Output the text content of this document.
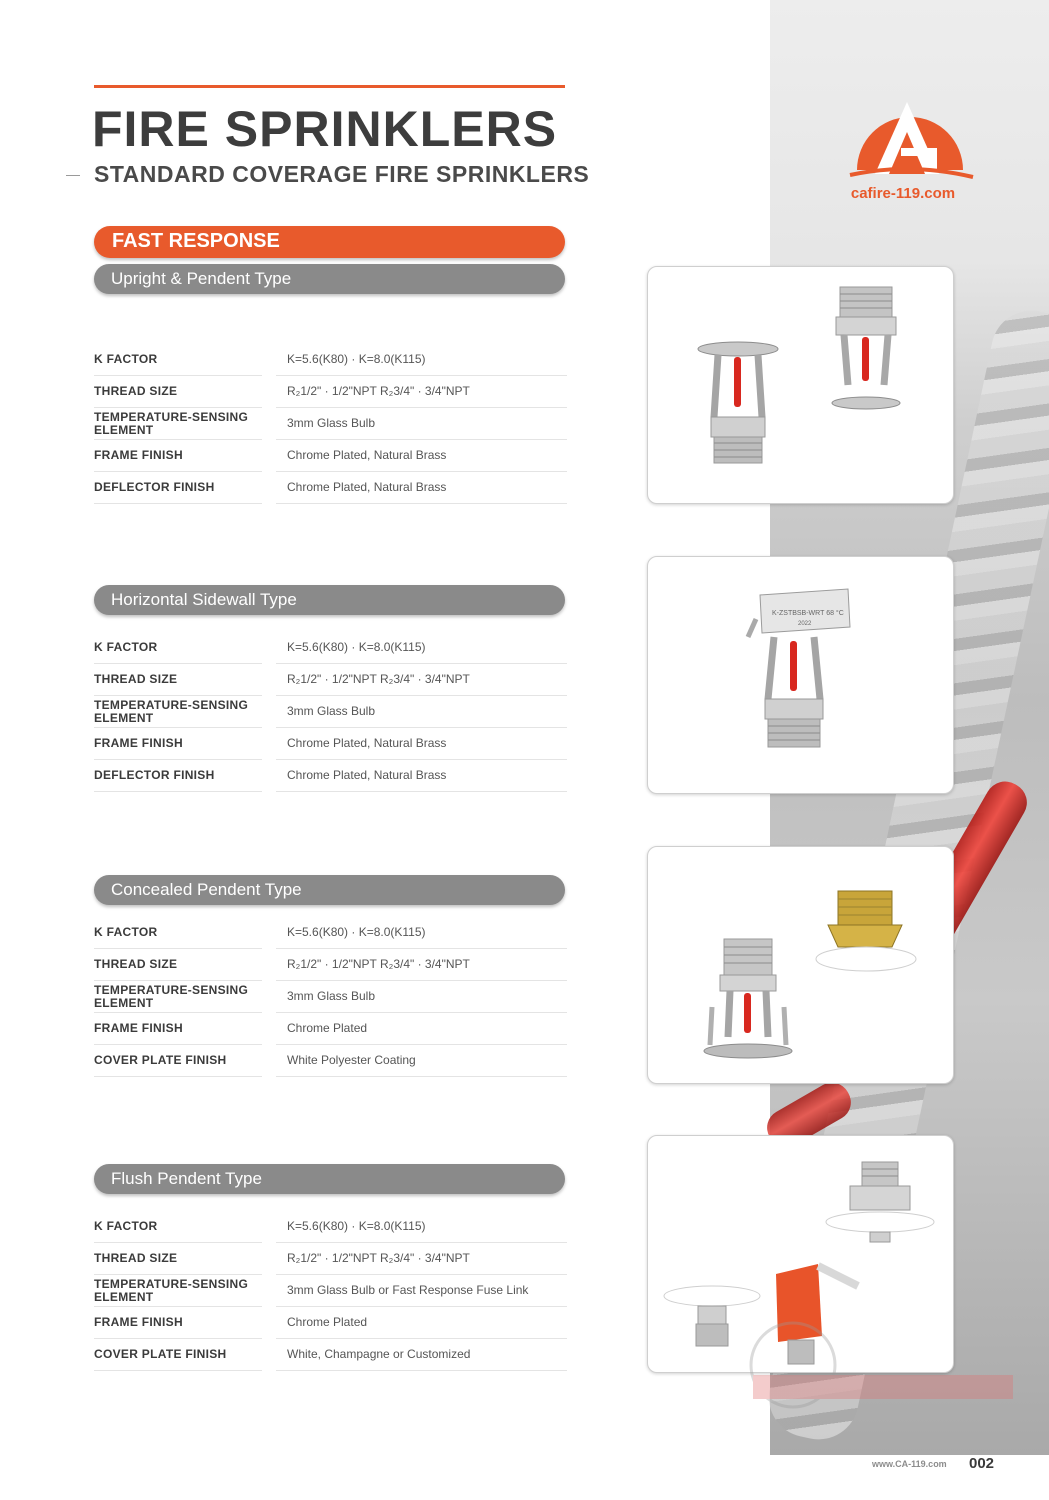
FIRE SPRINKLERS
STANDARD COVERAGE FIRE SPRINKLERS
cafire-119.com
FAST RESPONSE
Upright & Pendent Type
K FACTOR	K=5.6(K80) · K=8.0(K115)
THREAD SIZE	R₂1/2" · 1/2"NPT R₂3/4" · 3/4"NPT
TEMPERATURE-SENSING ELEMENT	3mm Glass Bulb
FRAME FINISH	Chrome Plated, Natural Brass
DEFLECTOR FINISH	Chrome Plated, Natural Brass
Horizontal Sidewall Type
K FACTOR	K=5.6(K80) · K=8.0(K115)
THREAD SIZE	R₂1/2" · 1/2"NPT R₂3/4" · 3/4"NPT
TEMPERATURE-SENSING ELEMENT	3mm Glass Bulb
FRAME FINISH	Chrome Plated, Natural Brass
DEFLECTOR FINISH	Chrome Plated, Natural Brass
K-ZSTBSB-WRT 68 °C
2022
Concealed Pendent Type
K FACTOR	K=5.6(K80) · K=8.0(K115)
THREAD SIZE	R₂1/2" · 1/2"NPT R₂3/4" · 3/4"NPT
TEMPERATURE-SENSING ELEMENT	3mm Glass Bulb
FRAME FINISH	Chrome Plated
COVER PLATE FINISH	White Polyester Coating
Flush Pendent Type
K FACTOR	K=5.6(K80) · K=8.0(K115)
THREAD SIZE	R₂1/2" · 1/2"NPT R₂3/4" · 3/4"NPT
TEMPERATURE-SENSING ELEMENT	3mm Glass Bulb or Fast Response Fuse Link
FRAME FINISH	Chrome Plated
COVER PLATE FINISH	White, Champagne or Customized
www.CA-119.com 002
